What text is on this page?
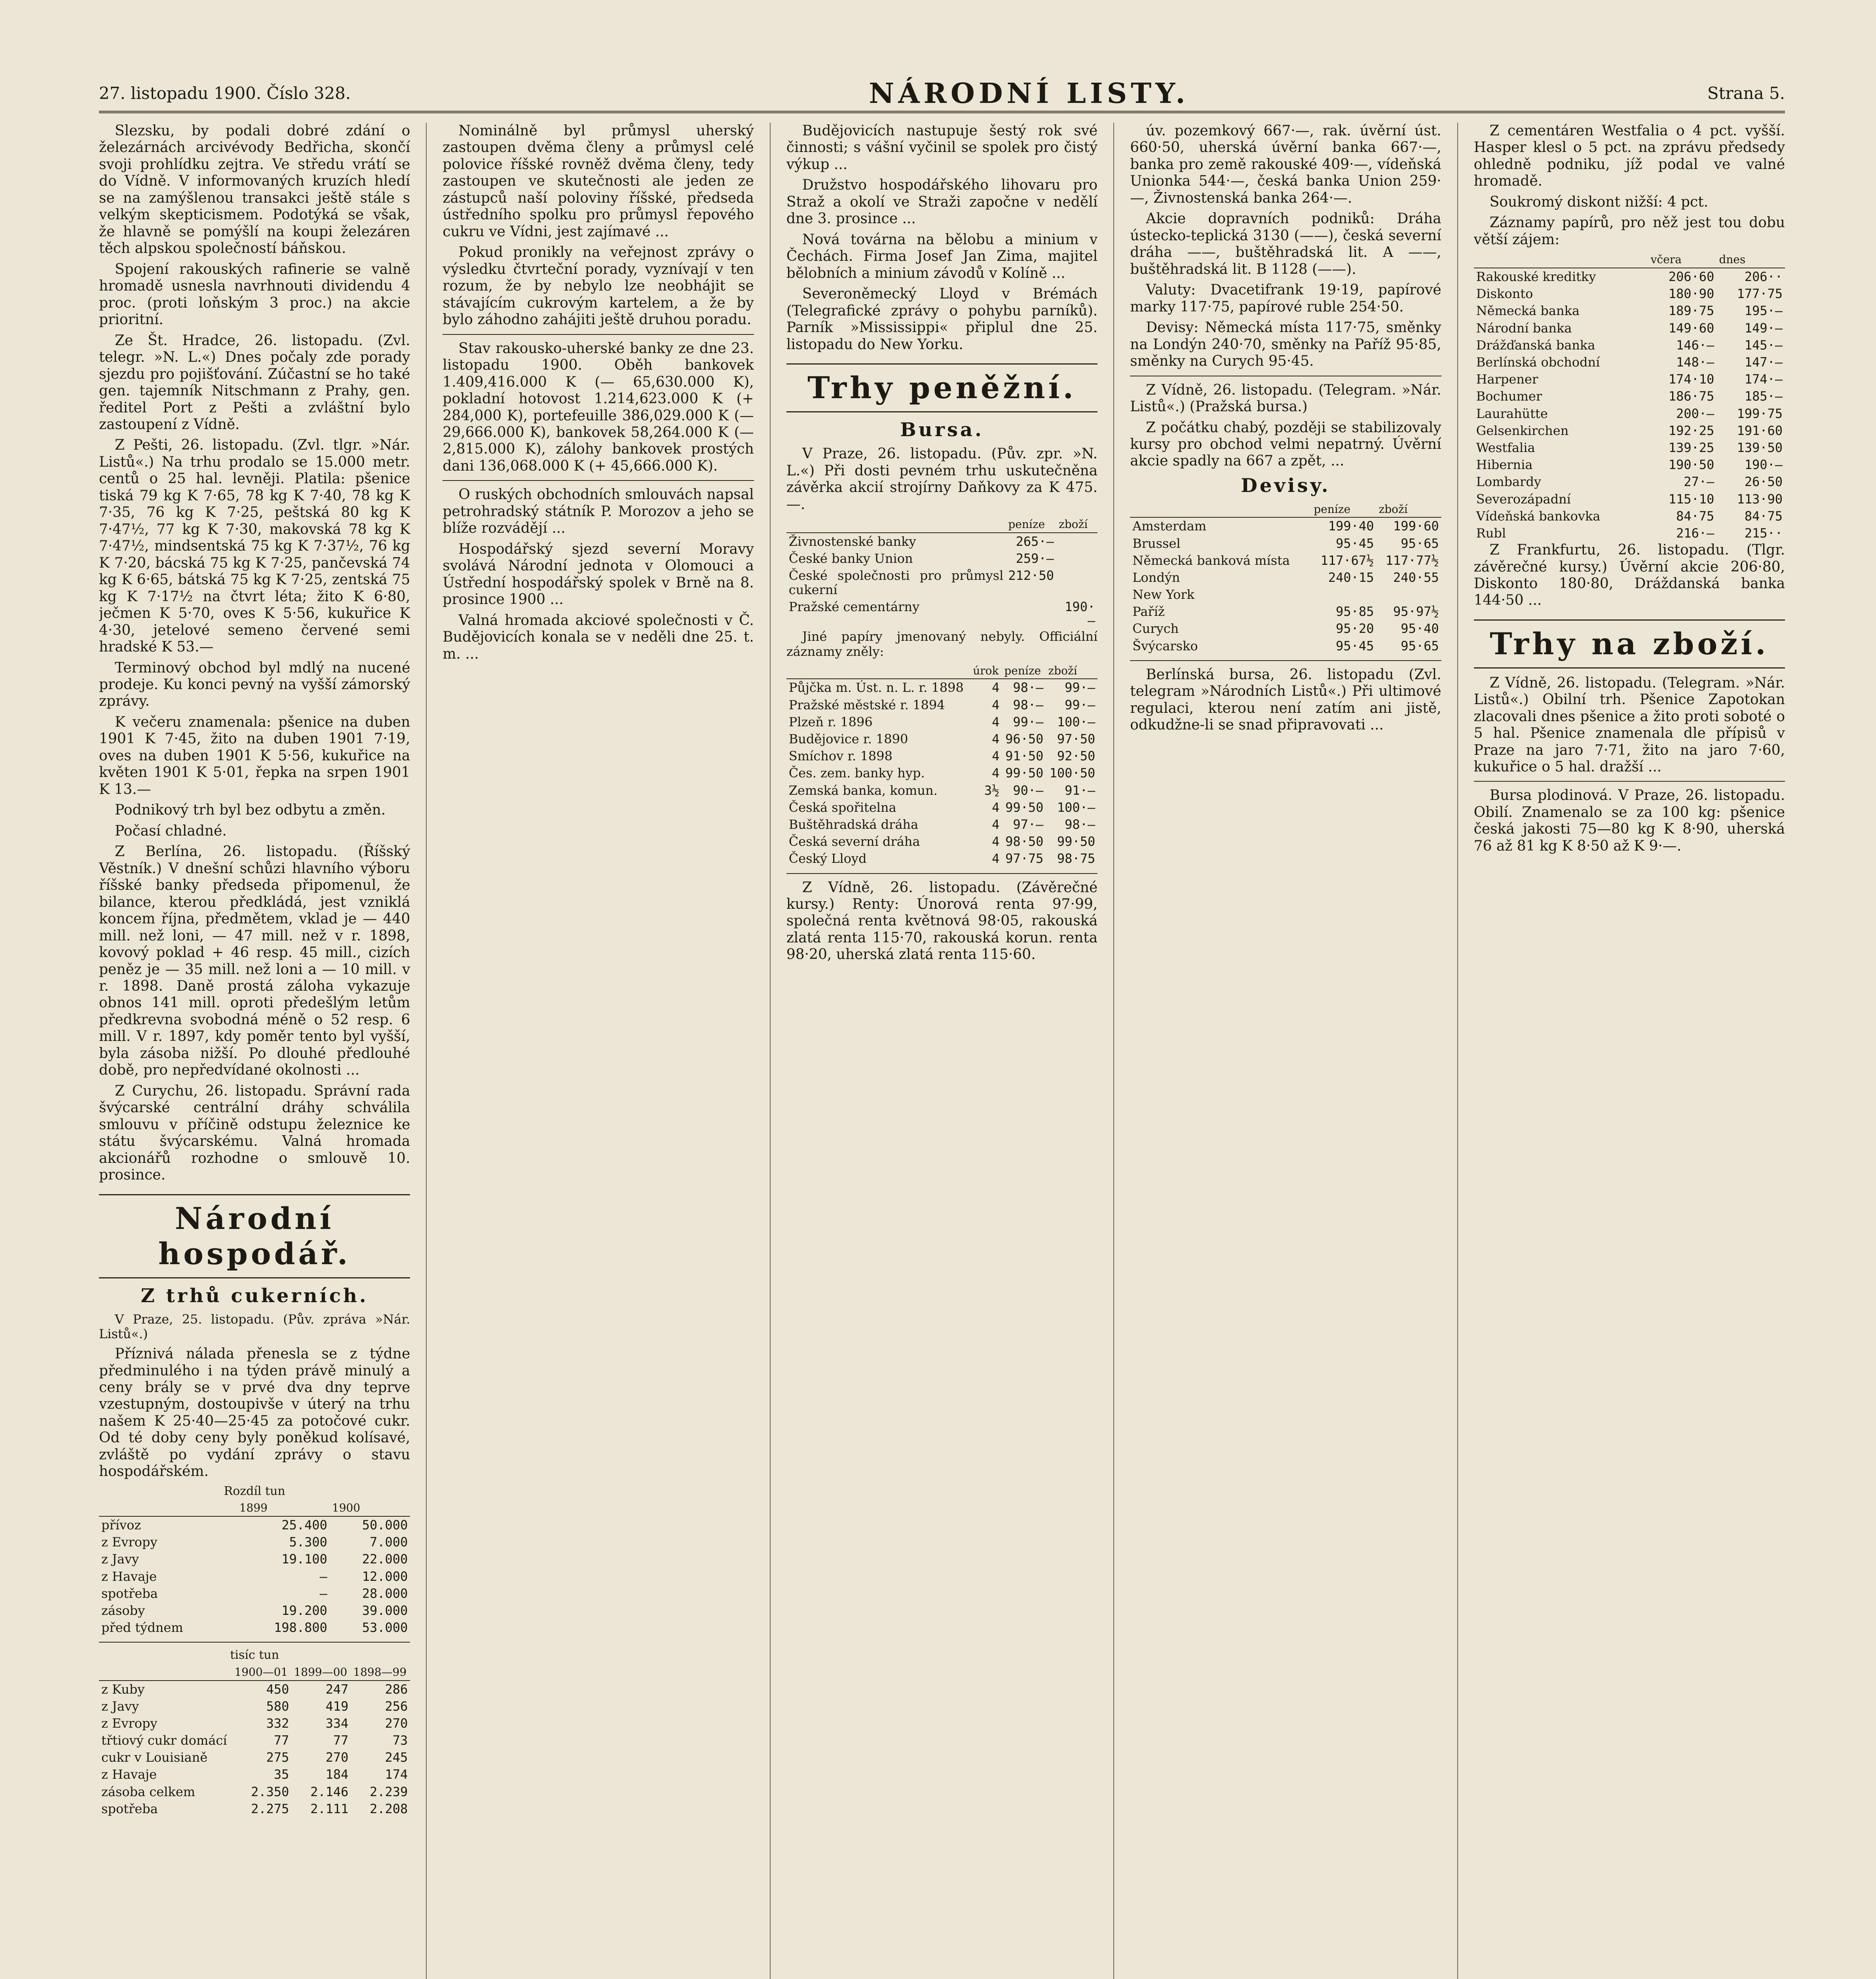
27. listopadu 1900. Číslo 328.	NÁRODNÍ LISTY.	Strana 5.

Slezsku, by podali dobré zdání o železárnách arcivévody Bedřicha, skončí svoji prohlídku zejtra. Ve středu vrátí se do Vídně. V informovaných kruzích hledí se na zamýšlenou transakci ještě stále s velkým skepticismem. Podotýká se však, že hlavně se pomýšlí na koupi železáren těch alpskou společností báňskou.

Spojení rakouských rafinerie se valně hromadě usnesla navrhnouti dividendu 4 proc. (proti loňským 3 proc.) na akcie prioritní.

Ze Št. Hradce, 26. listopadu. (Zvl. telegr. »N. L.«) Dnes počaly zde porady sjezdu pro pojišťování. Zúčastní se ho také gen. tajemník Nitschmann z Prahy, gen. ředitel Port z Pešti a zvláštní bylo zastoupení z Vídně.

Z Pešti, 26. listopadu. (Zvl. tlgr. »Nár. Listů«.) Na trhu prodalo se 15.000 metr. centů o 25 hal. levněji. Platila: pšenice tiská 79 kg K 7·65, 78 kg K 7·40, 78 kg K 7·35, 76 kg K 7·25, peštská 80 kg K 7·47½, 77 kg K 7·30, makovská 78 kg K 7·47½, mindsentská 75 kg K 7·37½, 76 kg K 7·20, bácská 75 kg K 7·25, pančevská 74 kg K 6·65, bátská 75 kg K 7·25, zentská 75 kg K 7·17½ na čtvrt léta; žito K 6·80, ječmen K 5·70, oves K 5·56, kukuřice K 4·30, jetelové semeno červené semi hradské K 53.—

Terminový obchod byl mdlý na nucené prodeje. Ku konci pevný na vyšší zámorský zprávy.

K večeru znamenala: pšenice na duben 1901 K 7·45, žito na duben 1901 7·19, oves na duben 1901 K 5·56, kukuřice na květen 1901 K 5·01, řepka na srpen 1901 K 13.—

Podnikový trh byl bez odbytu a změn.

Počasí chladné.

Z Berlína, 26. listopadu. (Říšský Věstník.) V dnešní schůzi hlavního výboru říšské banky předseda připomenul, že bilance, kterou předkládá, jest vzniklá koncem října, předmětem, vklad je — 440 mill. než loni, — 47 mill. než v r. 1898, kovový poklad + 46 resp. 45 mill., cizích peněz je — 35 mill. než loni a — 10 mill. v r. 1898. Daně prostá záloha vykazuje obnos 141 mill. oproti předešlým letům předkrevna svobodná méně o 52 resp. 6 mill. V r. 1897, kdy poměr tento byl vyšší, byla zásoba nižší. Po dlouhé předlouhé době, pro nepředvídané okolnosti ...

Z Curychu, 26. listopadu. Správní rada švýcarské centrální dráhy schválila smlouvu v příčině odstupu železnice ke státu švýcarskému. Valná hromada akcionářů rozhodne o smlouvě 10. prosince.

Národní hospodář.
Z trhů cukerních.

V Praze, 25. listopadu. (Pův. zpráva »Nár. Listů«.)

Příznivá nálada přenesla se z týdne předminulého i na týden právě minulý a ceny brály se v prvé dva dny teprve vzestupným, dostoupivše v úterý na trhu našem K 25·40—25·45 za potočové cukr. Od té doby ceny byly poněkud kolísavé, zvláště po vydání zprávy o stavu hospodářském.

Rozdíl tun
	1899	1900
přívoz	25.400	50.000
z Evropy	5.300	7.000
z Javy	19.100	22.000
z Havaje	—	12.000
spotřeba	—	28.000
zásoby	19.200	39.000
před týdnem	198.800	53.000
tisíc tun
	1900—01	1899—00	1898—99
z Kuby	450	247	286
z Javy	580	419	256
z Evropy	332	334	270
třtiový cukr domácí	77	77	73
cukr v Louisianě	275	270	245
z Havaje	35	184	174
zásoba celkem	2.350	2.146	2.239
spotřeba	2.275	2.111	2.208

Nominálně byl průmysl uherský zastoupen dvěma členy a průmysl celé polovice říšské rovněž dvěma členy, tedy zastoupen ve skutečnosti ale jeden ze zástupců naší poloviny říšské, předseda ústředního spolku pro průmysl řepového cukru ve Vídni, jest zajímavé ...

Pokud pronikly na veřejnost zprávy o výsledku čtvrteční porady, vyznívají v ten rozum, že by nebylo lze neobhájit se stávajícím cukrovým kartelem, a že by bylo záhodno zahájiti ještě druhou poradu.

Stav rakousko-uherské banky ze dne 23. listopadu 1900. Oběh bankovek 1.409,416.000 K (— 65,630.000 K), pokladní hotovost 1.214,623.000 K (+ 284,000 K), portefeuille 386,029.000 K (— 29,666.000 K), bankovek 58,264.000 K (— 2,815.000 K), zálohy bankovek prostých dani 136,068.000 K (+ 45,666.000 K).

O ruských obchodních smlouvách napsal petrohradský státník P. Morozov a jeho se blíže rozvádějí ...

Hospodářský sjezd severní Moravy svolává Národní jednota v Olomouci a Ústřední hospodářský spolek v Brně na 8. prosince 1900 ...

Valná hromada akciové společnosti v Č. Budějovicích konala se v neděli dne 25. t. m. ...

Budějovicích nastupuje šestý rok své činnosti; s vášní vyčinil se spolek pro čistý výkup ...

Družstvo hospodářského lihovaru pro Straž a okolí ve Straži započne v nedělí dne 3. prosince ...

Nová továrna na bělobu a minium v Čechách. Firma Josef Jan Zima, majitel bělobních a minium závodů v Kolíně ...

Severoněmecký Lloyd v Brémách (Telegrafické zprávy o pohybu parníků). Parník »Mississippi« připlul dne 25. listopadu do New Yorku.

Trhy peněžní.
Bursa.

V Praze, 26. listopadu. (Pův. zpr. »N. L.«) Při dosti pevném trhu uskutečněna závěrka akcií strojírny Daňkovy za K 475.—.

	peníze	zboží
Živnostenské banky	265·—	
České banky Union	259·—	
České společnosti pro průmysl cukerní	212·50	
Pražské cementárny		190·—

Jiné papíry jmenovaný nebyly. Officiální záznamy zněly:

	úrok	peníze	zboží
Půjčka m. Úst. n. L. r. 1898	4	98·—	99·—
Pražské městské r. 1894	4	98·—	99·—
Plzeň r. 1896	4	99·—	100·—
Budějovice r. 1890	4	96·50	97·50
Smíchov r. 1898	4	91·50	92·50
Čes. zem. banky hyp.	4	99·50	100·50
Zemská banka, komun.	3½	90·—	91·—
Česká spořitelna	4	99·50	100·—
Buštěhradská dráha	4	97·—	98·—
Česká severní dráha	4	98·50	99·50
Český Lloyd	4	97·75	98·75

Z Vídně, 26. listopadu. (Závěrečné kursy.) Renty: Únorová renta 97·99, společná renta květnová 98·05, rakouská zlatá renta 115·70, rakouská korun. renta 98·20, uherská zlatá renta 115·60.

úv. pozemkový 667·—, rak. úvěrní úst. 660·50, uherská úvěrní banka 667·—, banka pro země rakouské 409·—, vídeňská Unionka 544·—, česká banka Union 259·—, Živnostenská banka 264·—.

Akcie dopravních podniků: Dráha ústecko-teplická 3130 (——), česká severní dráha ——, buštěhradská lit. A ——, buštěhradská lit. B 1128 (——).

Valuty: Dvacetifrank 19·19, papírové marky 117·75, papírové ruble 254·50.

Devisy: Německá místa 117·75, směnky na Londýn 240·70, směnky na Paříž 95·85, směnky na Curych 95·45.

Z Vídně, 26. listopadu. (Telegram. »Nár. Listů«.) (Pražská bursa.)

Z počátku chabý, později se stabilizovaly kursy pro obchod velmi nepatrný. Úvěrní akcie spadly na 667 a zpět, ...

Devisy.
	peníze	zboží
Amsterdam	199·40	199·60
Brussel	95·45	95·65
Německá banková místa	117·67½	117·77½
Londýn	240·15	240·55
New York		
Paříž	95·85	95·97½
Curych	95·20	95·40
Švýcarsko	95·45	95·65

Berlínská bursa, 26. listopadu (Zvl. telegram »Národních Listů«.) Při ultimové regulaci, kterou není zatím ani jistě, odkudžne-li se snad připravovati ...

Z cementáren Westfalia o 4 pct. vyšší. Hasper klesl o 5 pct. na zprávu předsedy ohledně podniku, jíž podal ve valné hromadě.

Soukromý diskont nižší: 4 pct.

Záznamy papírů, pro něž jest tou dobu větší zájem:

	včera	dnes
Rakouské kreditky	206·60	206··
Diskonto	180·90	177·75
Německá banka	189·75	195·—
Národní banka	149·60	149·—
Drážďanská banka	146·—	145·—
Berlínská obchodní	148·—	147·—
Harpener	174·10	174·—
Bochumer	186·75	185·—
Laurahütte	200·—	199·75
Gelsenkirchen	192·25	191·60
Westfalia	139·25	139·50
Hibernia	190·50	190·—
Lombardy	27·—	26·50
Severozápadní	115·10	113·90
Vídeňská bankovka	84·75	84·75
Rubl	216·—	215··

Z Frankfurtu, 26. listopadu. (Tlgr. závěrečné kursy.) Úvěrní akcie 206·80, Diskonto 180·80, Dráždanská banka 144·50 ...

Trhy na zboží.

Z Vídně, 26. listopadu. (Telegram. »Nár. Listů«.) Obilní trh. Pšenice Zapotokan zlacovali dnes pšenice a žito proti soboté o 5 hal. Pšenice znamenala dle přípisů v Praze na jaro 7·71, žito na jaro 7·60, kukuřice o 5 hal. dražší ...

Bursa plodinová. V Praze, 26. listopadu. Obilí. Znamenalo se za 100 kg: pšenice česká jakosti 75—80 kg K 8·90, uherská 76 až 81 kg K 8·50 až K 9·—.
